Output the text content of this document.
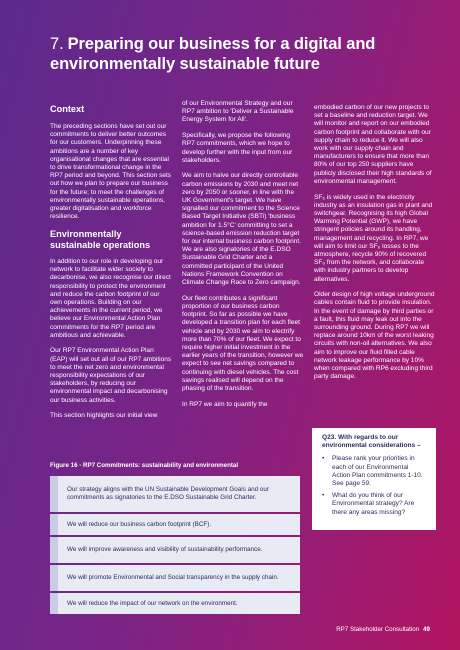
7. Preparing our business for a digital and environmentally sustainable future
Context

The preceding sections have set out our commitments to deliver better outcomes for our customers. Underpinning these ambitions are a number of key organisational changes that are essential to drive transformational change in the RP7 period and beyond. This section sets out how we plan to prepare our business for the future; to meet the challenges of environmentally sustainable operations, greater digitalisation and workforce resilience.

Environmentally sustainable operations

In addition to our role in developing our network to facilitate wider society to decarbonise, we also recognise our direct responsibility to protect the environment and reduce the carbon footprint of our own operations. Building on our achievements in the current period, we believe our Environmental Action Plan commitments for the RP7 period are ambitious and achievable.

Our RP7 Environmental Action Plan (EAP) will set out all of our RP7 ambitions to meet the net zero and environmental responsibility expectations of our stakeholders, by reducing our environmental impact and decarbonising our business activities.

This section highlights our initial view

of our Environmental Strategy and our RP7 ambition to 'Deliver a Sustainable Energy System for All'.

Specifically, we propose the following RP7 commitments, which we hope to develop further with the input from our stakeholders.

We aim to halve our directly controllable carbon emissions by 2030 and meet net zero by 2050 or sooner, in line with the UK Government's target. We have signalled our commitment to the Science Based Target Initiative (SBTi) 'business ambition for 1.5°C' committing to set a science-based emission reduction target for our internal business carbon footprint. We are also signatories of the E.DSO Sustainable Grid Charter and a committed participant of the United Nations Framework Convention on Climate Change Race to Zero campaign.

Our fleet contributes a significant proportion of our business carbon footprint. So far as possible we have developed a transition plan for each fleet vehicle and by 2030 we aim to electrify more than 70% of our fleet. We expect to require higher initial investment in the earlier years of the transition, however we expect to see net savings compared to continuing with diesel vehicles. The cost savings realised will depend on the phasing of the transition.

In RP7 we aim to quantify the

embodied carbon of our new projects to set a baseline and reduction target. We will monitor and report on our embodied carbon footprint and collaborate with our supply chain to reduce it. We will also work with our supply chain and manufacturers to ensure that more than 80% of our top 250 suppliers have publicly disclosed their high standards of environmental management.

SF₆ is widely used in the electricity industry as an insulation gas in plant and switchgear. Recognising its high Global Warming Potential (GWP), we have stringent policies around its handling, management and recycling. In RP7, we will aim to limit our SF₆ losses to the atmosphere, recycle 90% of recovered SF₆ from the network, and collaborate with industry partners to develop alternatives.

Older design of high voltage underground cables contain fluid to provide insulation. In the event of damage by third parties or a fault, this fluid may leak out into the surrounding ground. During RP7 we will replace around 10km of the worst leaking circuits with non-oil alternatives. We also aim to improve our fluid filled cable network leakage performance by 10% when compared with RP6 excluding third party damage.

Q23. With regards to our environmental considerations –
• Please rank your priorities in each of our Environmental Action Plan commitments 1-10. See page 59.
• What do you think of our Environmental strategy? Are there any areas missing?
Figure 16 - RP7 Commitments: sustainability and environmental
Our strategy aligns with the UN Sustainable Development Goals and our commitments as signatories to the E.DSO Sustainable Grid Charter.
We will reduce our business carbon footprint (BCF).
We will improve awareness and visibility of sustainability performance.
We will promote Environmental and Social transparency in the supply chain.
We will reduce the impact of our network on the environment.
RP7 Stakeholder Consultation 49
